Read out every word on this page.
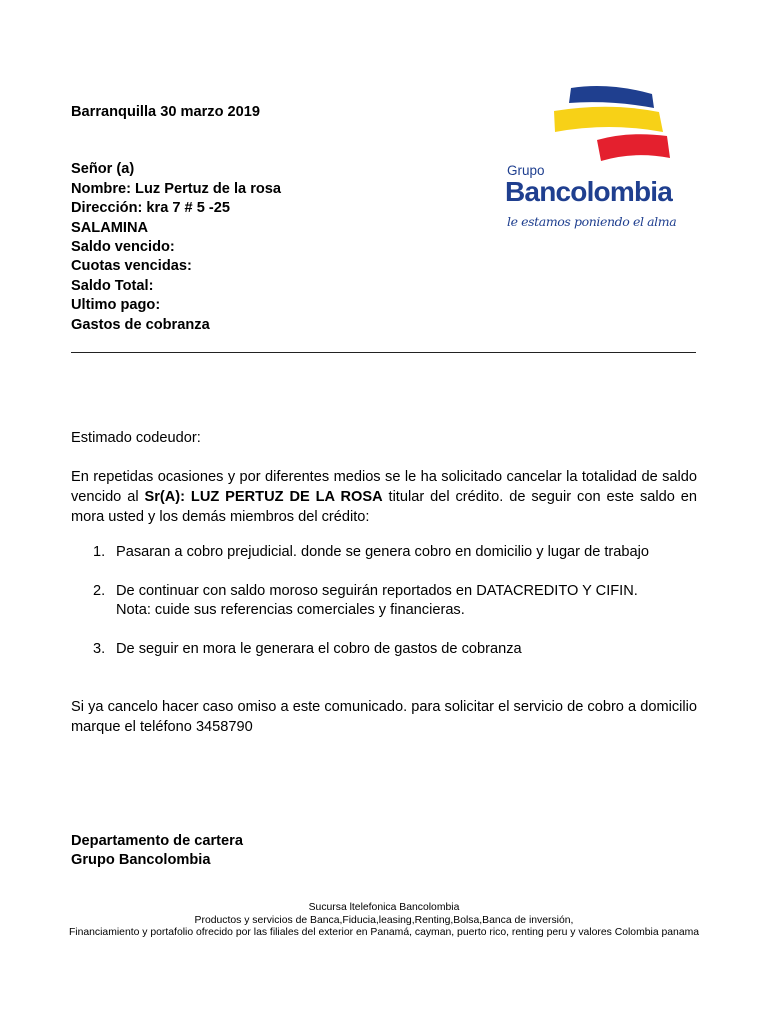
Barranquilla 30 marzo 2019
Señor (a)
Nombre: Luz Pertuz de la rosa
Dirección: kra 7 # 5 -25
SALAMINA
Saldo vencido:
Cuotas vencidas:
Saldo Total:
Ultimo pago:
Gastos de cobranza
Grupo
Bancolombia
le estamos poniendo el alma
Estimado codeudor:
En repetidas ocasiones y por diferentes medios se le ha solicitado cancelar la totalidad de saldo vencido al Sr(A): LUZ PERTUZ DE LA ROSA titular del crédito. de seguir con este saldo en mora usted y los demás miembros del crédito:
1. Pasaran a cobro prejudicial. donde se genera cobro en domicilio y lugar de trabajo
2. De continuar con saldo moroso seguirán reportados en DATACREDITO Y CIFIN.
Nota: cuide sus referencias comerciales y financieras.
3. De seguir en mora le generara el cobro de gastos de cobranza
Si ya cancelo hacer caso omiso a este comunicado. para solicitar el servicio de cobro a domicilio marque el teléfono 3458790
Departamento de cartera
Grupo Bancolombia
Sucursa ltelefonica Bancolombia
Productos y servicios de Banca,Fiducia,leasing,Renting,Bolsa,Banca de inversión,
Financiamiento y portafolio ofrecido por las filiales del exterior en Panamá, cayman, puerto rico, renting peru y valores Colombia panama
